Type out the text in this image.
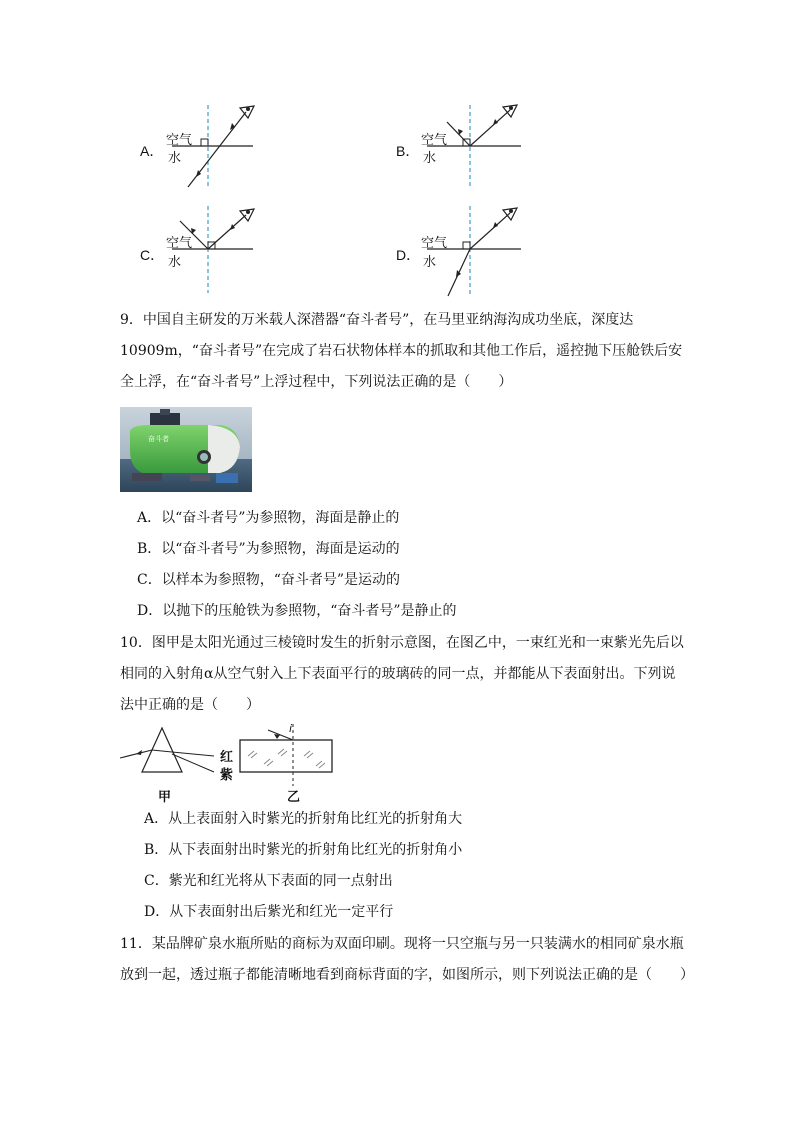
A．
空气
水	B．
空气
水
C．
空气
水	D．
空气
水
9．中国自主研发的万米载人深潜器“奋斗者号”，在马里亚纳海沟成功坐底，深度达
10909m，“奋斗者号”在完成了岩石状物体样本的抓取和其他工作后，遥控抛下压舱铁后安
全上浮，在“奋斗者号”上浮过程中，下列说法正确的是（　　）
奋斗者
A．以“奋斗者号”为参照物，海面是静止的
B．以“奋斗者号”为参照物，海面是运动的
C．以样本为参照物，“奋斗者号”是运动的
D．以抛下的压舱铁为参照物，“奋斗者号”是静止的
10．图甲是太阳光通过三棱镜时发生的折射示意图，在图乙中，一束红光和一束紫光先后以
相同的入射角α从空气射入上下表面平行的玻璃砖的同一点，并都能从下表面射出。下列说
法中正确的是（　　）
i
红
紫
甲	乙
A．从上表面射入时紫光的折射角比红光的折射角大
B．从下表面射出时紫光的折射角比红光的折射角小
C．紫光和红光将从下表面的同一点射出
D．从下表面射出后紫光和红光一定平行
11．某品牌矿泉水瓶所贴的商标为双面印刷。现将一只空瓶与另一只装满水的相同矿泉水瓶
放到一起，透过瓶子都能清晰地看到商标背面的字，如图所示，则下列说法正确的是（　　）
